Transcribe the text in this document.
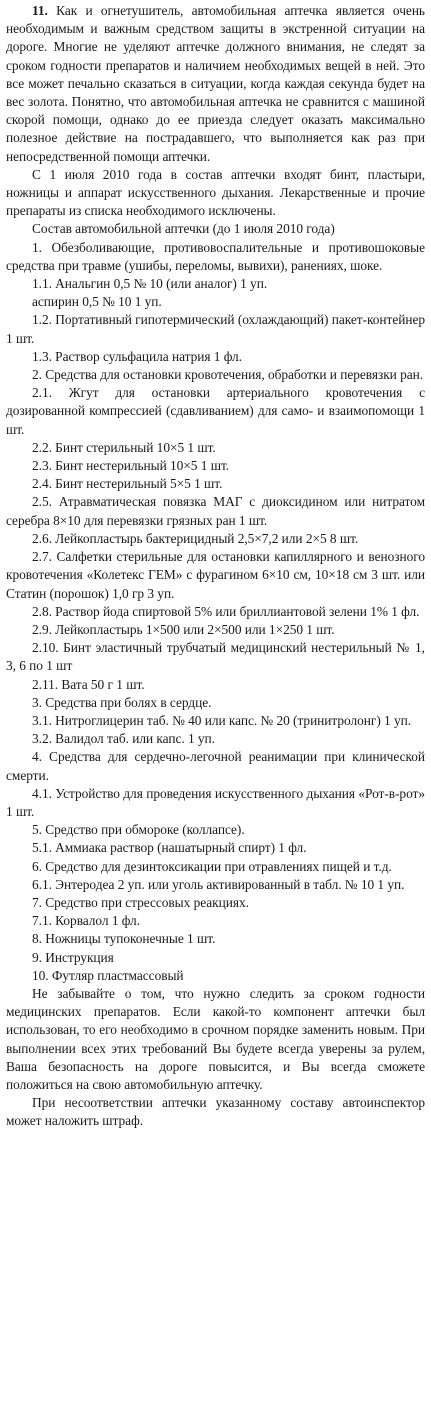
11. Как и огнетушитель, автомобильная аптечка является очень необходимым и важным средством защиты в экстренной ситуации на дороге. Многие не уделяют аптечке должного внимания, не следят за сроком годности препаратов и наличием необходимых вещей в ней. Это все может печально сказаться в ситуации, когда каждая секунда будет на вес золота. Понятно, что автомобильная аптечка не сравнится с машиной скорой помощи, однако до ее приезда следует оказать максимально полезное действие на пострадавшего, что выполняется как раз при непосредственной помощи аптечки.

С 1 июля 2010 года в состав аптечки входят бинт, пластыри, ножницы и аппарат искусственного дыхания. Лекарственные и прочие препараты из списка необходимого исключены.

Состав автомобильной аптечки (до 1 июля 2010 года)

1. Обезболивающие, противовоспалительные и противошоковые средства при травме (ушибы, переломы, вывихи), ранениях, шоке.

1.1. Анальгин 0,5 № 10 (или аналог) 1 уп.

аспирин 0,5 № 10 1 уп.

1.2. Портативный гипотермический (охлаждающий) пакет-контейнер 1 шт.

1.3. Раствор сульфацила натрия 1 фл.

2. Средства для остановки кровотечения, обработки и перевязки ран.

2.1. Жгут для остановки артериального кровотечения с дозированной компрессией (сдавливанием) для само- и взаимопомощи 1 шт.

2.2. Бинт стерильный 10×5 1 шт.

2.3. Бинт нестерильный 10×5 1 шт.

2.4. Бинт нестерильный 5×5 1 шт.

2.5. Атравматическая повязка МАГ с диоксидином или нитратом серебра 8×10 для перевязки грязных ран 1 шт.

2.6. Лейкопластырь бактерицидный 2,5×7,2 или 2×5 8 шт.

2.7. Салфетки стерильные для остановки капиллярного и венозного кровотечения «Колетекс ГЕМ» с фурагином 6×10 см, 10×18 см 3 шт. или Статин (порошок) 1,0 гр 3 уп.

2.8. Раствор йода спиртовой 5% или бриллиантовой зелени 1% 1 фл.

2.9. Лейкопластырь 1×500 или 2×500 или 1×250 1 шт.

2.10. Бинт эластичный трубчатый медицинский нестерильный № 1, 3, 6 по 1 шт

2.11. Вата 50 г 1 шт.

3. Средства при болях в сердце.

3.1. Нитроглицерин таб. № 40 или капс. № 20 (тринитролонг) 1 уп.

3.2. Валидол таб. или капс. 1 уп.

4. Средства для сердечно-легочной реанимации при клинической смерти.

4.1. Устройство для проведения искусственного дыхания «Рот-в-рот» 1 шт.

5. Средство при обмороке (коллапсе).

5.1. Аммиака раствор (нашатырный спирт) 1 фл.

6. Средство для дезинтоксикации при отравлениях пищей и т.д.

6.1. Энтеродеа 2 уп. или уголь активированный в табл. № 10 1 уп.

7. Средство при стрессовых реакциях.

7.1. Корвалол 1 фл.

8. Ножницы тупоконечные 1 шт.

9. Инструкция

10. Футляр пластмассовый

Не забывайте о том, что нужно следить за сроком годности медицинских препаратов. Если какой-то компонент аптечки был использован, то его необходимо в срочном порядке заменить новым. При выполнении всех этих требований Вы будете всегда уверены за рулем, Ваша безопасность на дороге повысится, и Вы всегда сможете положиться на свою автомобильную аптечку.

При несоответствии аптечки указанному составу автоинспектор может наложить штраф.
